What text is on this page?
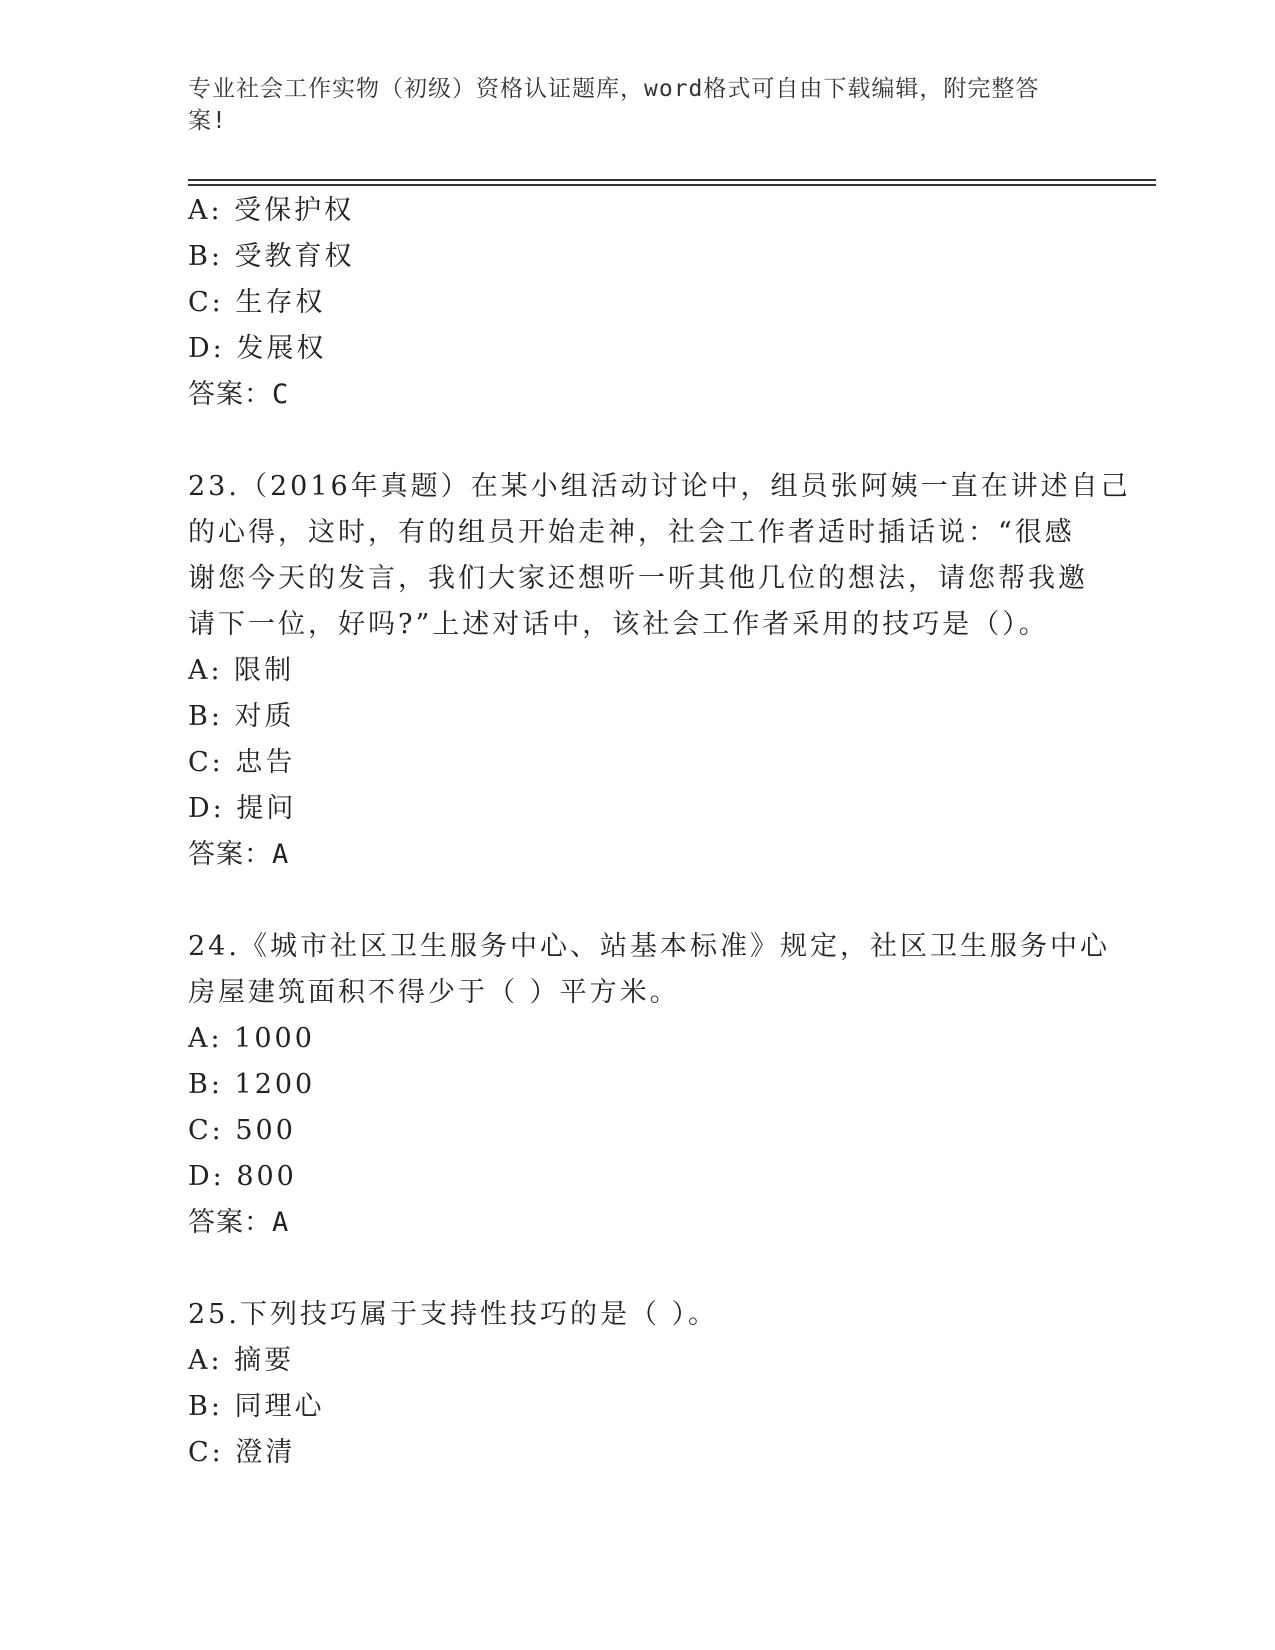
专业社会工作实物（初级）资格认证题库，word格式可自由下载编辑，附完整答
案!
A: 受保护权
B: 受教育权
C: 生存权
D: 发展权
答案：C
23.（2016年真题）在某小组活动讨论中，组员张阿姨一直在讲述自己
的心得，这时，有的组员开始走神，社会工作者适时插话说：“很感
谢您今天的发言，我们大家还想听一听其他几位的想法，请您帮我邀
请下一位，好吗?”上述对话中，该社会工作者采用的技巧是（）。
A: 限制
B: 对质
C: 忠告
D: 提问
答案：A
24.《城市社区卫生服务中心、站基本标准》规定，社区卫生服务中心
房屋建筑面积不得少于（ ）平方米。
A: 1000
B: 1200
C: 500
D: 800
答案：A
25.下列技巧属于支持性技巧的是（ ）。
A: 摘要
B: 同理心
C: 澄清
